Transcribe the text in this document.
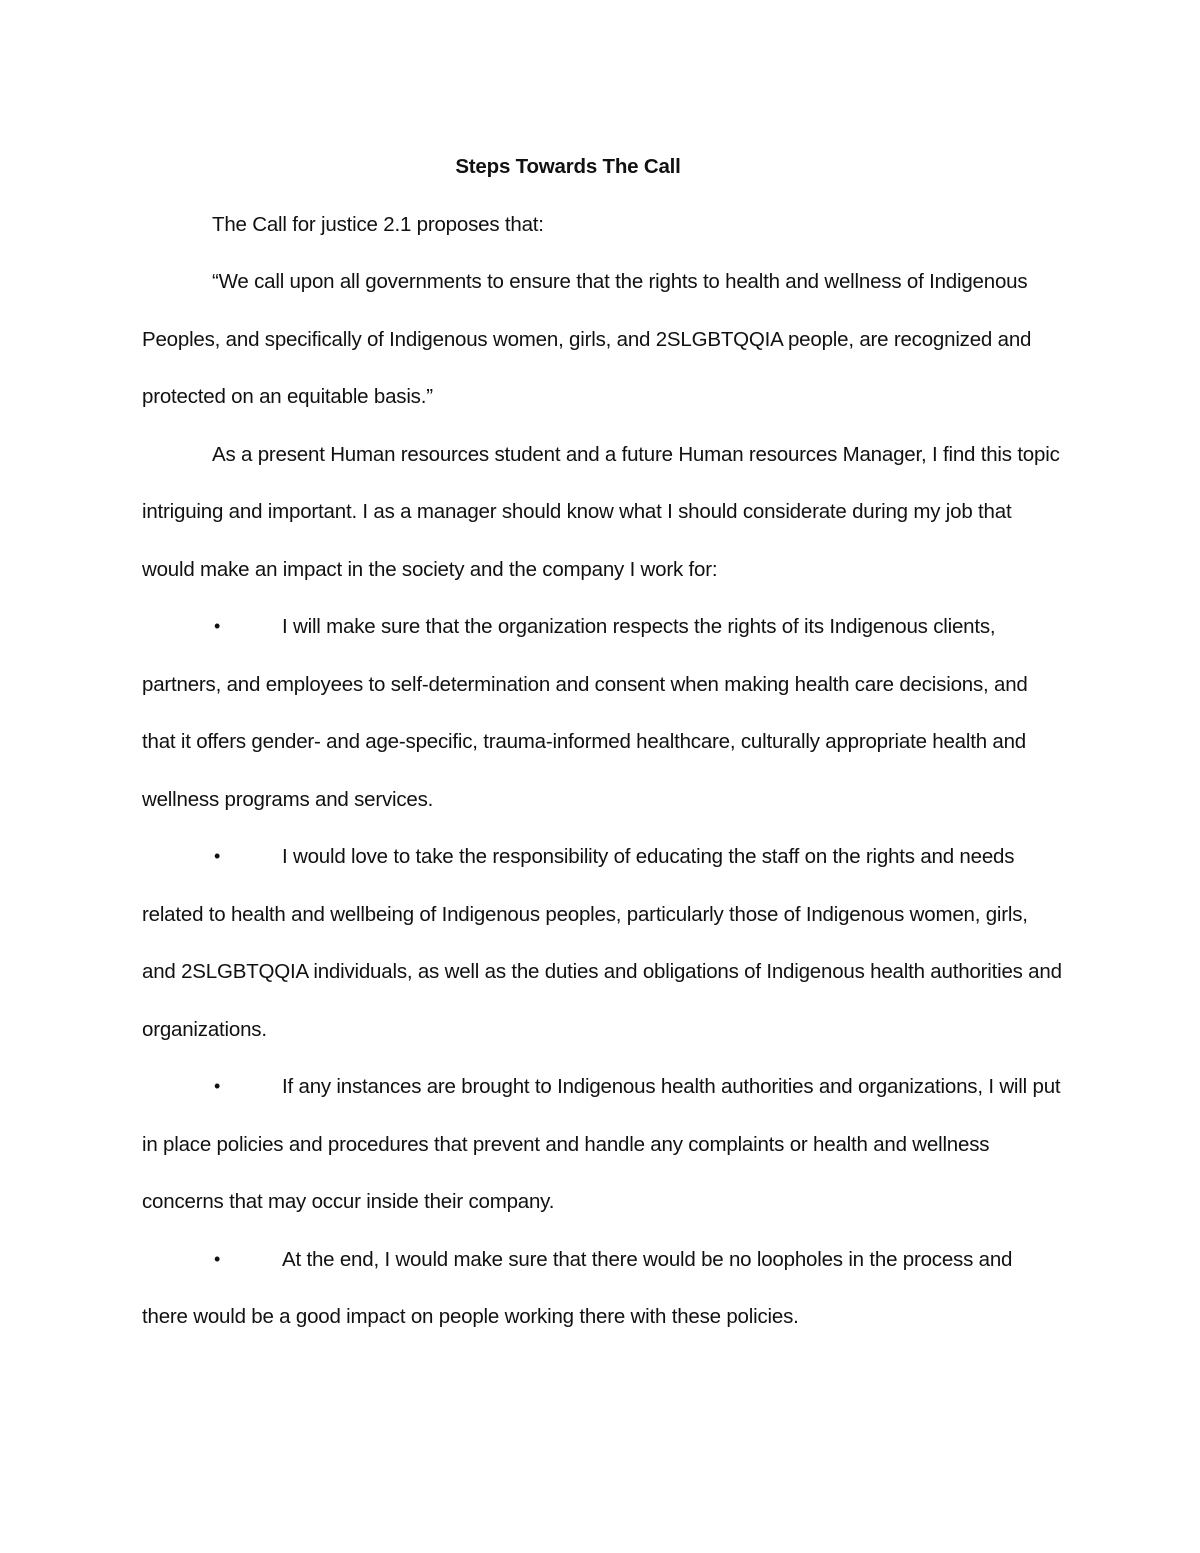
Steps Towards The Call

The Call for justice 2.1 proposes that:

“We call upon all governments to ensure that the rights to health and wellness of Indigenous Peoples, and specifically of Indigenous women, girls, and 2SLGBTQQIA people, are recognized and protected on an equitable basis.”

As a present Human resources student and a future Human resources Manager, I find this topic intriguing and important. I as a manager should know what I should considerate during my job that would make an impact in the society and the company I work for:

•	I will make sure that the organization respects the rights of its Indigenous clients, partners, and employees to self-determination and consent when making health care decisions, and that it offers gender- and age-specific, trauma-informed healthcare, culturally appropriate health and wellness programs and services.

•	I would love to take the responsibility of educating the staff on the rights and needs related to health and wellbeing of Indigenous peoples, particularly those of Indigenous women, girls, and 2SLGBTQQIA individuals, as well as the duties and obligations of Indigenous health authorities and organizations.

•	If any instances are brought to Indigenous health authorities and organizations, I will put in place policies and procedures that prevent and handle any complaints or health and wellness concerns that may occur inside their company.

•	At the end, I would make sure that there would be no loopholes in the process and there would be a good impact on people working there with these policies.
